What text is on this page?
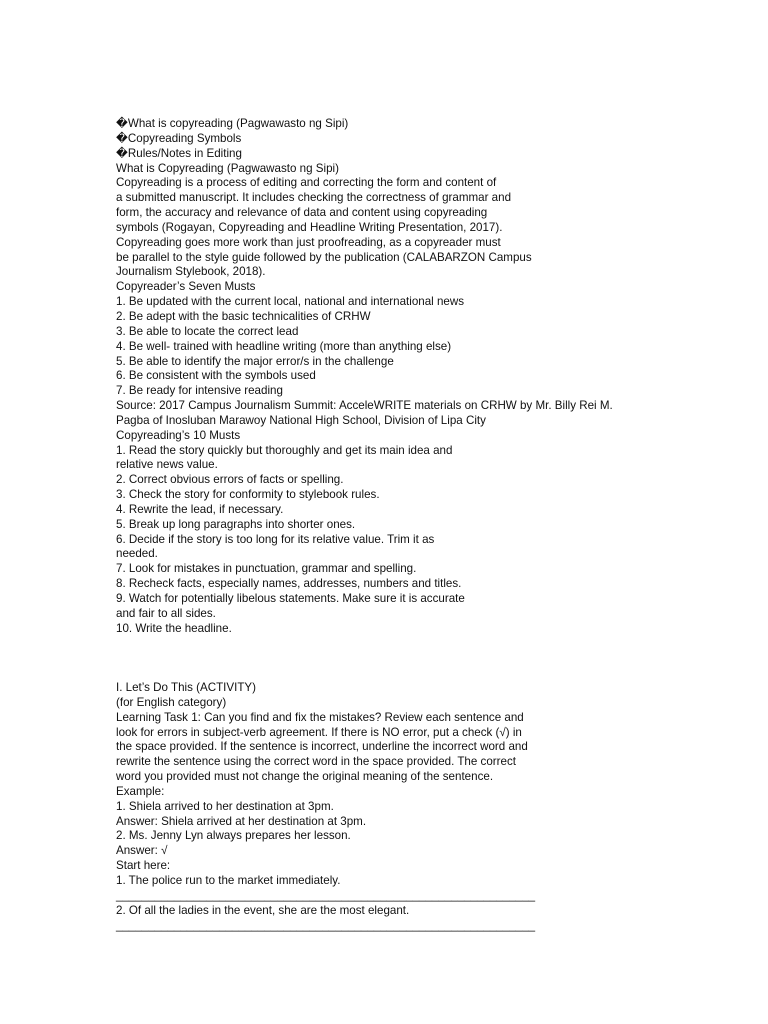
�What is copyreading (Pagwawasto ng Sipi)
�Copyreading Symbols
�Rules/Notes in Editing
What is Copyreading (Pagwawasto ng Sipi)
Copyreading is a process of editing and correcting the form and content of
a submitted manuscript. It includes checking the correctness of grammar and
form, the accuracy and relevance of data and content using copyreading
symbols (Rogayan, Copyreading and Headline Writing Presentation, 2017).
Copyreading goes more work than just proofreading, as a copyreader must
be parallel to the style guide followed by the publication (CALABARZON Campus
Journalism Stylebook, 2018).
Copyreader’s Seven Musts
1. Be updated with the current local, national and international news
2. Be adept with the basic technicalities of CRHW
3. Be able to locate the correct lead
4. Be well- trained with headline writing (more than anything else)
5. Be able to identify the major error/s in the challenge
6. Be consistent with the symbols used
7. Be ready for intensive reading
Source: 2017 Campus Journalism Summit: AcceleWRITE materials on CRHW by Mr. Billy Rei M.
Pagba of Inosluban Marawoy National High School, Division of Lipa City
Copyreading’s 10 Musts
1. Read the story quickly but thoroughly and get its main idea and
relative news value.
2. Correct obvious errors of facts or spelling.
3. Check the story for conformity to stylebook rules.
4. Rewrite the lead, if necessary.
5. Break up long paragraphs into shorter ones.
6. Decide if the story is too long for its relative value. Trim it as
needed.
7. Look for mistakes in punctuation, grammar and spelling.
8. Recheck facts, especially names, addresses, numbers and titles.
9. Watch for potentially libelous statements. Make sure it is accurate
and fair to all sides.
10. Write the headline.
I. Let’s Do This (ACTIVITY)
(for English category)
Learning Task 1: Can you find and fix the mistakes? Review each sentence and
look for errors in subject-verb agreement. If there is NO error, put a check (√) in
the space provided. If the sentence is incorrect, underline the incorrect word and
rewrite the sentence using the correct word in the space provided. The correct
word you provided must not change the original meaning of the sentence.
Example:
1. Shiela arrived to her destination at 3pm.
Answer: Shiela arrived at her destination at 3pm.
2. Ms. Jenny Lyn always prepares her lesson.
Answer: √
Start here:
1. The police run to the market immediately.
_________________________________________________________________
2. Of all the ladies in the event, she are the most elegant.
_________________________________________________________________
